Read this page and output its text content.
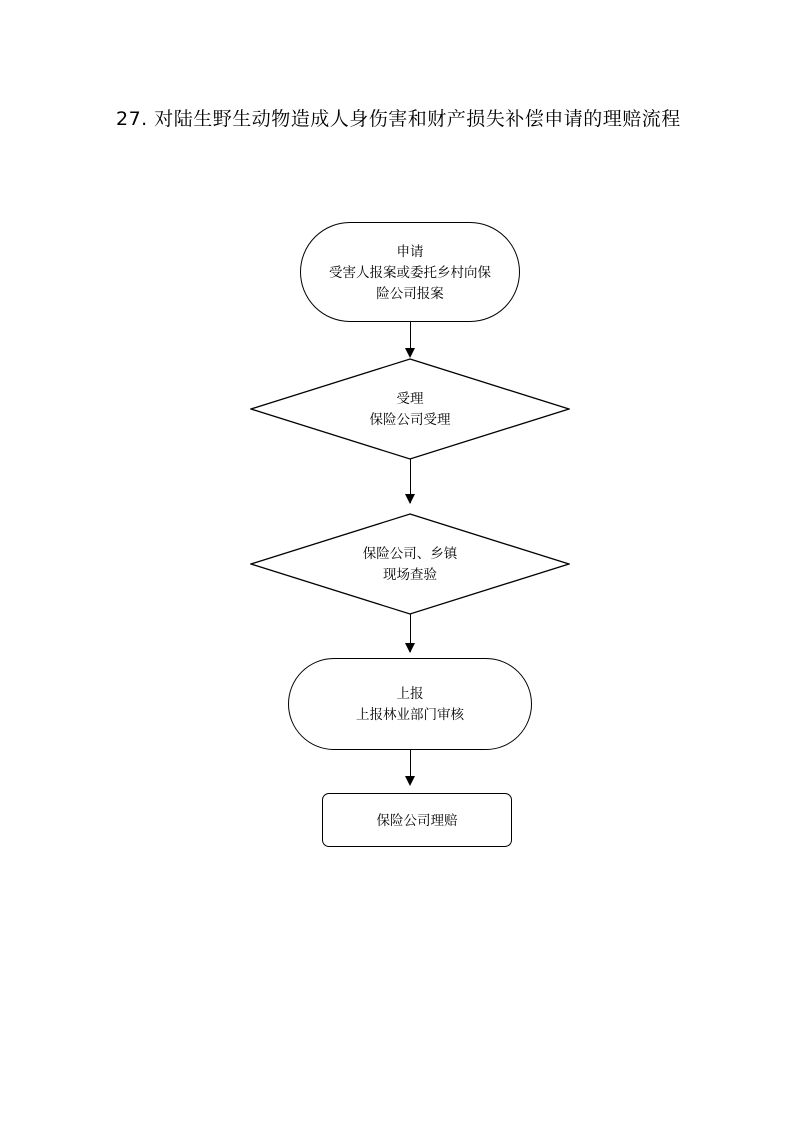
27. 对陆生野生动物造成人身伤害和财产损失补偿申请的理赔流程
申请
受害人报案或委托乡村向保
险公司报案
受理
保险公司受理
保险公司、乡镇
现场查验
上报
上报林业部门审核
保险公司理赔
